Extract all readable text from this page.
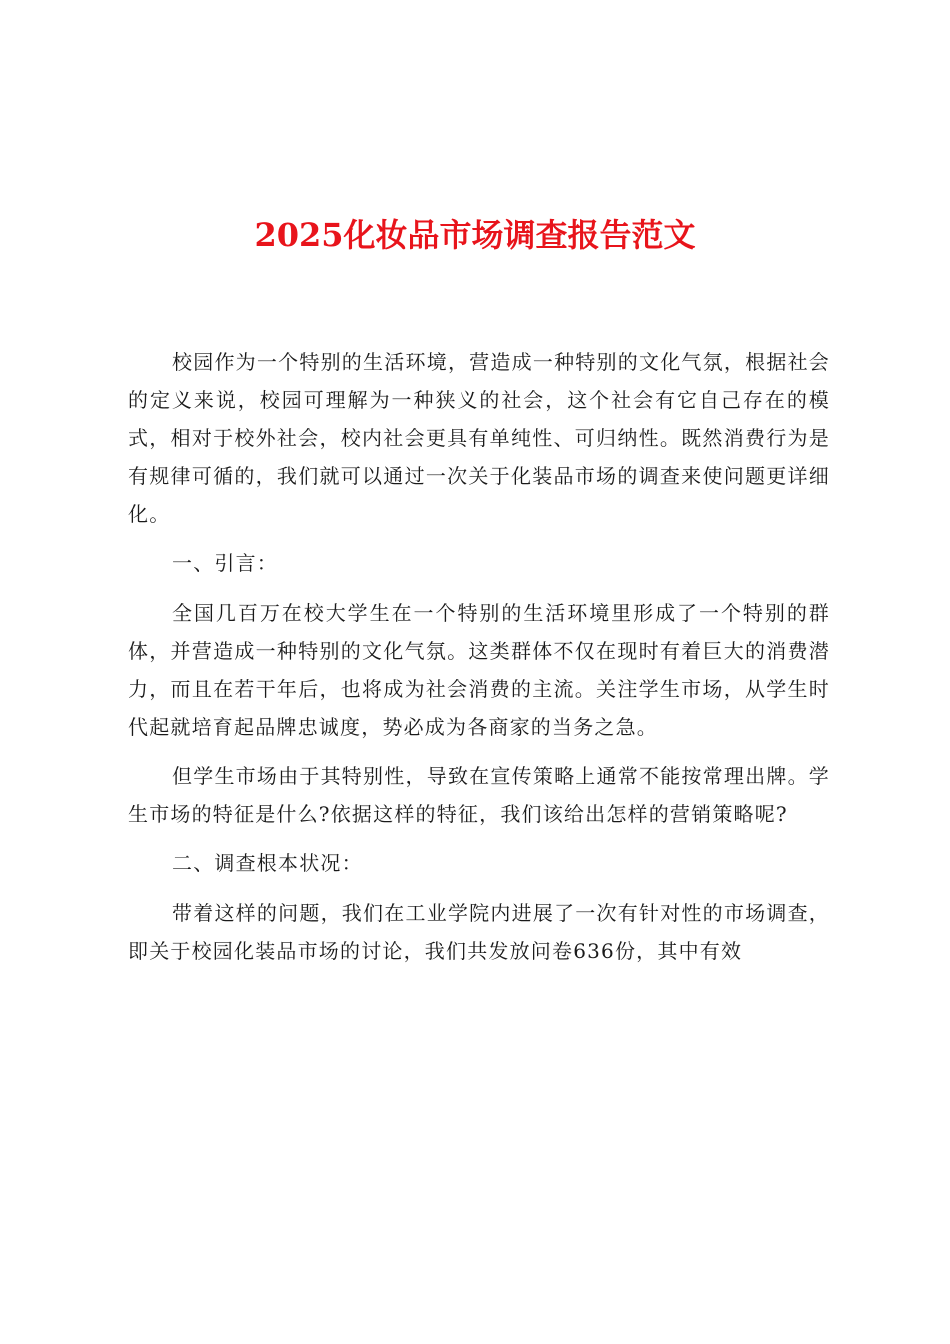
2025化妆品市场调查报告范文

校园作为一个特别的生活环境，营造成一种特别的文化气氛，根据社会的定义来说，校园可理解为一种狭义的社会，这个社会有它自己存在的模式，相对于校外社会，校内社会更具有单纯性、可归纳性。既然消费行为是有规律可循的，我们就可以通过一次关于化装品市场的调查来使问题更详细化。

一、引言：

全国几百万在校大学生在一个特别的生活环境里形成了一个特别的群体，并营造成一种特别的文化气氛。这类群体不仅在现时有着巨大的消费潜力，而且在若干年后，也将成为社会消费的主流。关注学生市场，从学生时代起就培育起品牌忠诚度，势必成为各商家的当务之急。

但学生市场由于其特别性，导致在宣传策略上通常不能按常理出牌。学生市场的特征是什么?依据这样的特征，我们该给出怎样的营销策略呢?

二、调查根本状况：

带着这样的问题，我们在工业学院内进展了一次有针对性的市场调查，即关于校园化装品市场的讨论，我们共发放问卷636份，其中有效
